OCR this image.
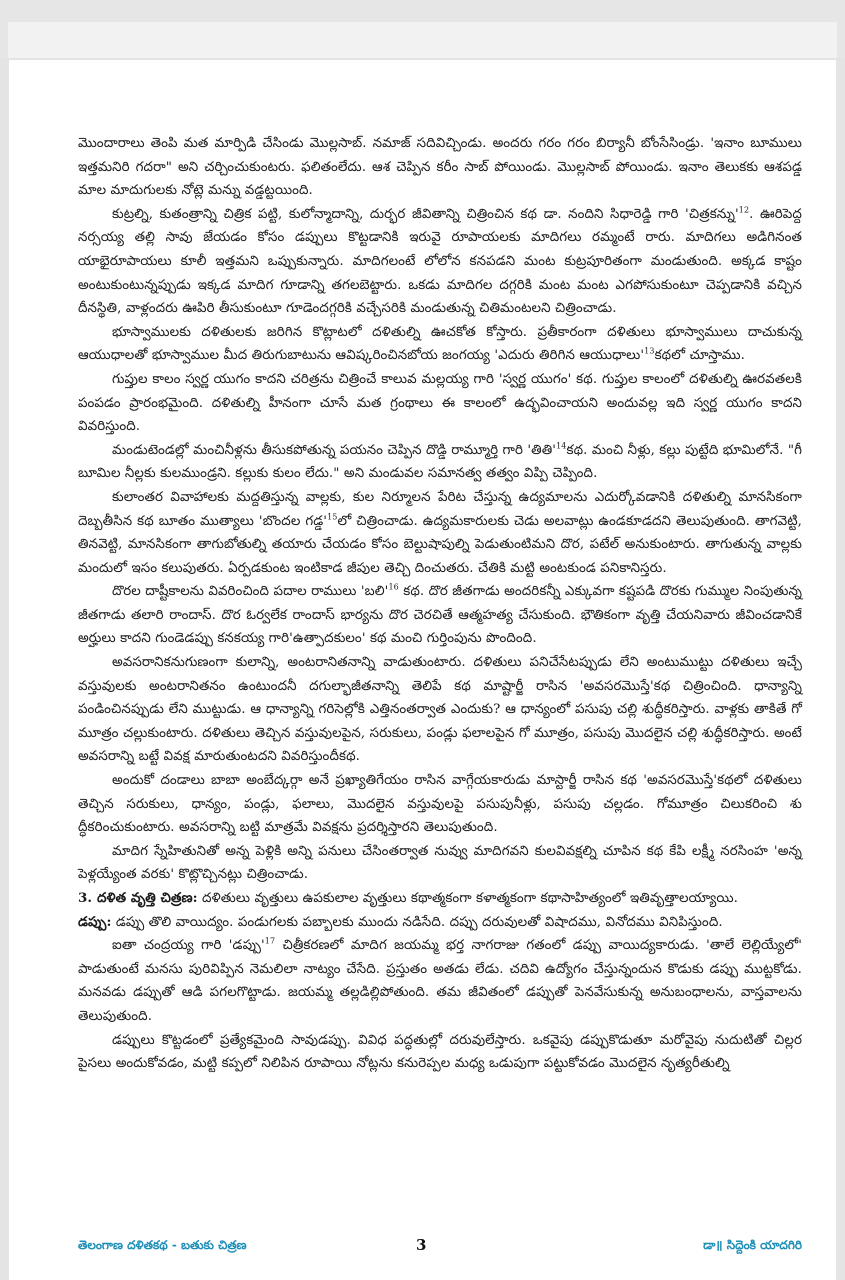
మొందారాలు తెంపి మత మార్పిడి చేసిండు మొల్లసాబ్. నమాజ్ సదివిచ్చిండు. అందరు గరం గరం బిర్యానీ బోంసేసిండ్రు. 'ఇనాం బూములు ఇత్తమనిరి గదరా" అని చర్చించుకుంటరు. ఫలితంలేదు. ఆశ చెప్పిన కరీం సాబ్ పోయిండు. మొల్లసాబ్ పోయిండు. ఇనాం తెలుకకు ఆశపడ్డ మాల మాదుగులకు నోట్లె మన్ను వడ్డట్టయింది.

కుట్రల్ని, కుతంత్రాన్ని చిత్రిక పట్టి, కులోన్మాదాన్ని, దుర్భర జీవితాన్ని చిత్రించిన కథ డా. నందిని సిధారెడ్డి గారి '$చిత్రకన్ను'^{12}$. ఊరిపెద్ద నర్సయ్య తల్లి సావు జేయడం కోసం డప్పులు కొట్టడానికి ఇరువై రూపాయలకు మాదిగలు రమ్మంటే రారు. మాదిగలు అడిగినంత యాభైరూపాయలు కూలీ ఇత్తమని ఒప్పుకున్నారు. మాదిగలంటే లోలోన కనపడని మంట కుట్రపూరితంగా మండుతుంది. అక్కడ కాష్టం అంటుకుంటున్నప్పుడు ఇక్కడ మాదిగ గూడాన్ని తగలబెట్టారు. ఒకడు మాదిగల దగ్గరికి మంట మంట ఎగపోసుకుంటూ చెప్పడానికి వచ్చిన దీనస్థితి, వాళ్లందరు ఊపిరి తీసుకుంటూ గూడెందగ్గరికి వచ్చేసరికి మండుతున్న చితిమంటలని చిత్రించాడు.

భూస్వాములకు దళితులకు జరిగిన కొట్లాటలో దళితుల్ని ఊచకోత కోస్తారు. ప్రతీకారంగా దళితులు భూస్వాములు దాచుకున్న ఆయుధాలతో భూస్వాముల మీద తిరుగుబాటును ఆవిష్కరించినబోయ జంగయ్య 'ఎదురు తిరిగిన $ఆయుధాలు'^{13}కథలో$ చూస్తాము.

గుప్తుల కాలం స్వర్ణ యుగం కాదని చరిత్రను చిత్రించే కాలువ మల్లయ్య గారి 'స్వర్ణ యుగం' కథ. గుప్తుల కాలంలో దళితుల్ని ఊరవతలకి పంపడం ప్రారంభమైంది. దళితుల్ని హీనంగా చూసే మత గ్రంథాలు ఈ కాలంలో ఉద్భవించాయని అందువల్ల ఇది స్వర్ణ యుగం కాదని వివరిస్తుంది.

మండుటెండల్లో మంచినీళ్లను తీసుకపోతున్న పయనం చెప్పిన దొడ్డి రామ్మూర్తి గారి '$తితి'^{14}కథ$. మంచి నీళ్లు, కల్లు పుట్టేది భూమిలోనే. "గీ బూమిల నీల్లకు కులముండ్రని. కల్లుకు కులం లేదు." అని మండువల సమానత్వ తత్వం విప్పి చెప్పింది.

కులాంతర వివాహాలకు మద్దతిస్తున్న వాల్లకు, కుల నిర్మూలన పేరిట చేస్తున్న ఉద్యమాలను ఎదుర్కోవడానికి దళితుల్ని మానసికంగా దెబ్బతీసిన కథ బూతం ముత్యాలు 'బొందల $గడ్డ'^{15}లో$ చిత్రించాడు. ఉద్యమకారులకు చెడు అలవాట్లు ఉండకూడదని తెలుపుతుంది. తాగవెట్టి, తినవెట్టి, మానసికంగా తాగుబోతుల్ని తయారు చేయడం కోసం బెల్టుషాపుల్ని పెడుతుంటిమని దొర, పటేల్ అనుకుంటారు. తాగుతున్న వాల్లకు మందులో ఇసం కలుపుతరు. ఏర్పడకుంట ఇంటికాడ జీపుల తెచ్చి దించుతరు. చేతికి మట్టి అంటకుండ పనికానిస్తరు.

దొరల దాష్టీకాలను వివరించింది పదాల రాములు '$బలి'^{16}$ కథ. దొర జీతగాడు అందరికన్నీ ఎక్కువగా కష్టపడి దొరకు గుమ్ముల నింపుతున్న జీతగాడు తలారి రాందాస్. దొర ఓర్వలేక రాందాస్ భార్యను దొర చెరచితే ఆత్మహత్య చేసుకుంది. భౌతికంగా వృత్తి చేయనివారు జీవించడానికే అర్హులు కాదని గుండెడప్పు కనకయ్య గారి'ఉత్పాదకులం' కథ మంచి గుర్తింపును పొందింది.

అవసరానికనుగుణంగా కులాన్ని, అంటరానితనాన్ని వాడుతుంటారు. దళితులు పనిచేసేటప్పుడు లేని అంటుముట్టు దళితులు ఇచ్చే వస్తువులకు అంటరానితనం ఉంటుందనీ దగుల్భాజీతనాన్ని తెలిపే కథ మాష్టార్జీ రాసిన 'అవసరమొస్తే'కథ చిత్రించింది. ధాన్యాన్ని పండించినప్పుడు లేని ముట్టుడు. ఆ ధాన్యాన్ని గరిసెల్లోకి ఎత్తినంతర్వాత ఎందుకు? ఆ ధాన్యంలో పసుపు చల్లి శుద్ధీకరిస్తారు. వాళ్లకు తాకితే గో మూత్రం చల్లుకుంటారు. దళితులు తెచ్చిన వస్తువులపైన, సరుకులు, పండ్లు ఫలాలపైన గో మూత్రం, పసుపు మొదలైన చల్లి శుద్ధీకరిస్తారు. అంటే అవసరాన్ని బట్టే వివక్ష మారుతుంటదని వివరిస్తుందీకథ.

అందుకో దండాలు బాబా అంబేద్కర్గా అనే ప్రఖ్యాతిగేయం రాసిన వాగ్గేయకారుడు మాస్టార్జీ రాసిన కథ 'అవసరమొస్తే'కథలో దళితులు తెచ్చిన సరుకులు, ధాన్యం, పండ్లు, ఫలాలు, మొదలైన వస్తువులపై పసుపునీళ్లు, పసుపు చల్లడం. గోమూత్రం చిలుకరించి శు ద్ధీకరించుకుంటారు. అవసరాన్ని బట్టి మాత్రమే వివక్షను ప్రదర్శిస్తారని తెలుపుతుంది.

మాదిగ స్నేహితునితో అన్న పెళ్లికి అన్ని పనులు చేసింతర్వాత నువ్వు మాదిగవని కులవివక్షల్ని చూపిన కథ కేపి లక్ష్మీ నరసింహ 'అన్న పెళ్లయ్యేంత వరకు' కొట్లొచ్చినట్లు చిత్రించాడు.

3. దళిత వృత్తి చిత్రణ: దళితులు వృత్తులు ఉపకులాల వృత్తులు కథాత్మకంగా కళాత్మకంగా కథాసాహిత్యంలో ఇతివృత్తాలయ్యాయి.

డప్పు: డప్పు తొలి వాయిద్యం. పండుగలకు పబ్బాలకు ముందు నడిసేది. దప్పు దరువులతో విషాదము, వినోదము వినిపిస్తుంది.

ఐతా చంద్రయ్య గారి '$డప్పు'^{17}$ చిత్రీకరణలో మాదిగ జయమ్మ భర్త నాగరాజు గతంలో డప్పు వాయిద్యకారుడు. 'తాలే లెల్లియ్యేలో' పాడుతుంటే మనసు పురివిప్పిన నెమలిలా నాట్యం చేసేది. ప్రస్తుతం అతడు లేడు. చదివి ఉద్యోగం చేస్తున్నందున కొడుకు డప్పు ముట్టకోడు. మనవడు డప్పుతో ఆడి పగలగొట్టాడు. జయమ్మ తల్లడిల్లిపోతుంది. తమ జీవితంలో డప్పుతో పెనవేసుకున్న అనుబంధాలను, వాస్తవాలను తెలుపుతుంది.

డప్పులు కొట్టడంలో ప్రత్యేకమైంది సావుడప్పు. వివిధ పద్ధతుల్లో దరువులేస్తారు. ఒకవైపు డప్పుకొడుతూ మరోవైపు నుదుటితో చిల్లర పైసలు అందుకోవడం, మట్టి కప్పలో నిలిపిన రూపాయి నోట్లను కనురెప్పల మధ్య ఒడుపుగా పట్టుకోవడం మొదలైన నృత్యరీతుల్ని

తెలంగాణ దళితకథ - బతుకు చిత్రణ	3	డా॥ సిద్దెంకి యాదగిరి
